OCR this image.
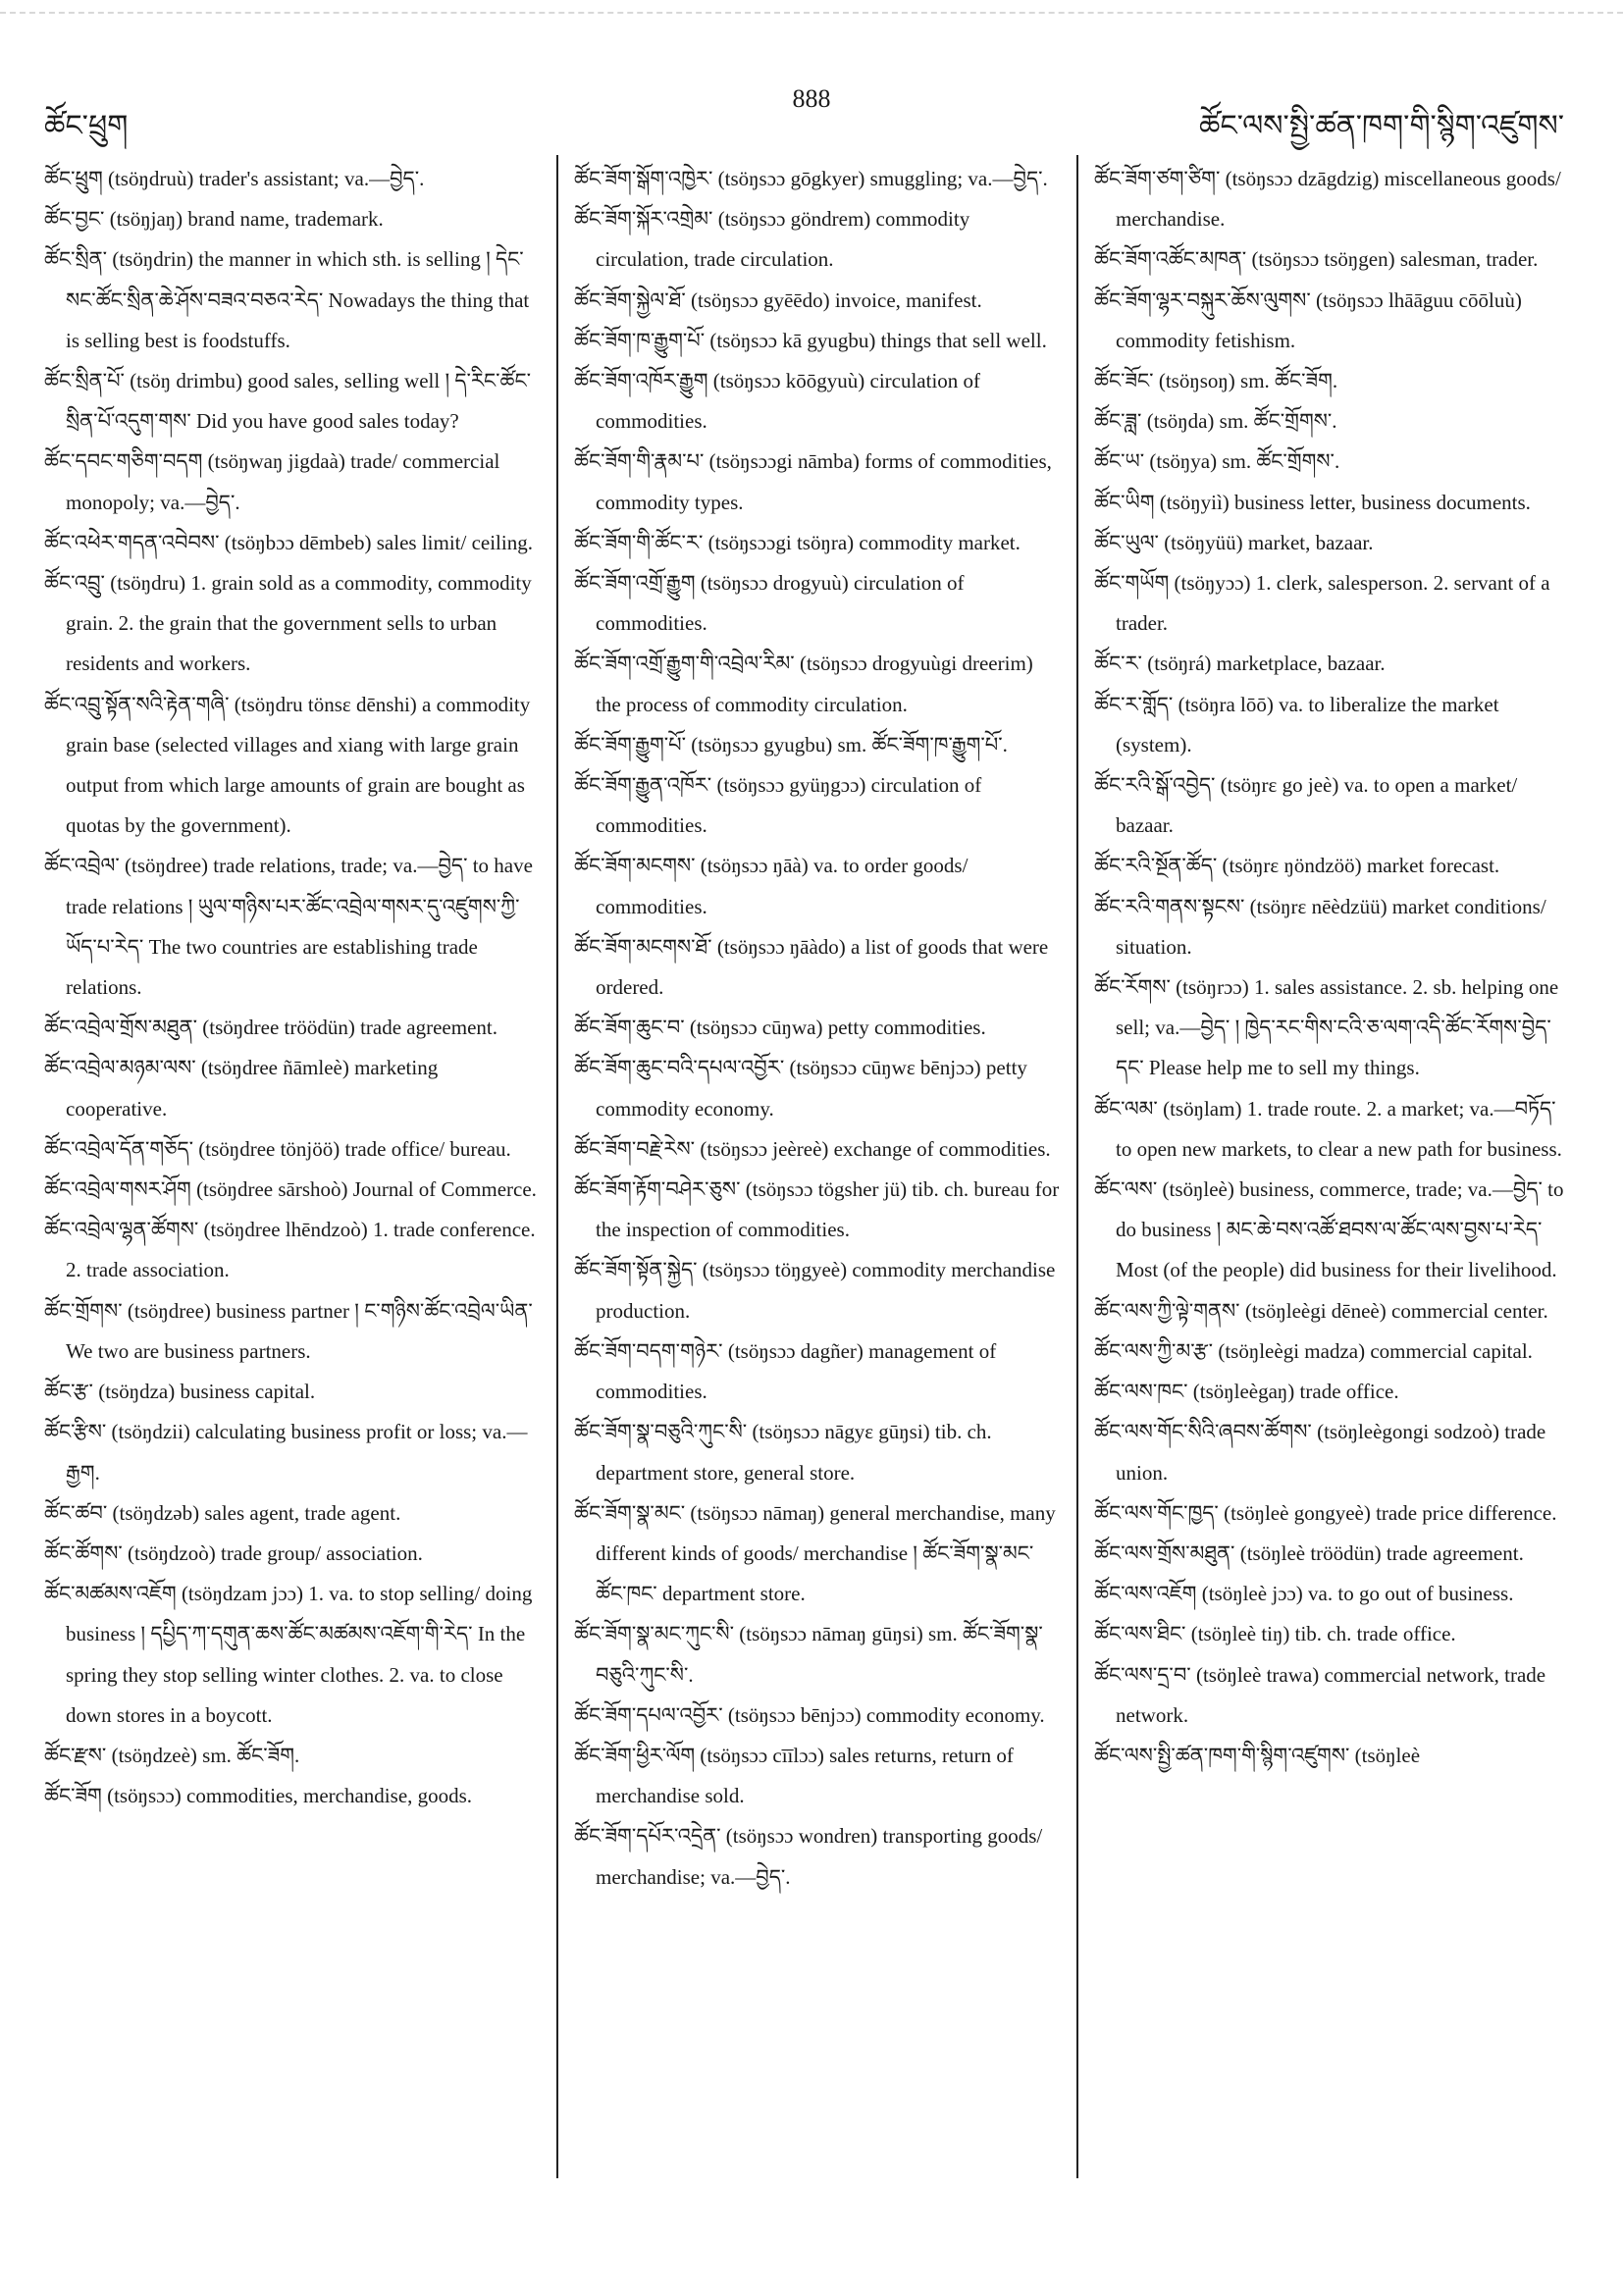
ཚོང་ཕྲུག
888
ཚོང་ལས་སྤྱི་ཚན་ཁག་གི་སྙིག་འཛུགས་

ཚོང་ཕྲུག (tsöŋdruù) trader's assistant; va.—བྱེད་.

ཚོང་བྱང་ (tsöŋjaŋ) brand name, trademark.

ཚོང་སྲིན་ (tsöŋdrin) the manner in which sth. is selling ། དེང་སང་ཚོང་སྲིན་ཆེ་ཤོས་བཟའ་བཅའ་རེད་ Nowadays the thing that is selling best is foodstuffs.

ཚོང་སྲིན་པོ་ (tsöŋ drimbu) good sales, selling well ། དེ་རིང་ཚོང་སྲིན་པོ་འདུག་གས་ Did you have good sales today?

ཚོང་དབང་གཅིག་བདག (tsöŋwaŋ jigdaà) trade/ commercial monopoly; va.—བྱེད་.

ཚོང་འཕེར་གདན་འབེབས་ (tsöŋbɔɔ dēmbeb) sales limit/ ceiling.

ཚོང་འབྲུ་ (tsöŋdru) 1. grain sold as a commodity, commodity grain. 2. the grain that the government sells to urban residents and workers.

ཚོང་འབྲུ་སྟོན་སའི་རྟེན་གཞི་ (tsöŋdru tönsɛ dēnshi) a commodity grain base (selected villages and xiang with large grain output from which large amounts of grain are bought as quotas by the government).

ཚོང་འབྲེལ་ (tsöŋdree) trade relations, trade; va.—བྱེད་ to have trade relations ། ཡུལ་གཉིས་པར་ཚོང་འབྲེལ་གསར་དུ་འཛུགས་ཀྱི་ཡོད་པ་རེད་ The two countries are establishing trade relations.

ཚོང་འབྲེལ་གྲོས་མཐུན་ (tsöŋdree tröödün) trade agreement.

ཚོང་འབྲེལ་མཉམ་ལས་ (tsöŋdree ñāmleè) marketing cooperative.

ཚོང་འབྲེལ་དོན་གཅོད་ (tsöŋdree tönjöö) trade office/ bureau.

ཚོང་འབྲེལ་གསར་ཤོག (tsöŋdree sārshoò) Journal of Commerce.

ཚོང་འབྲེལ་ལྷན་ཚོགས་ (tsöŋdree lhēndzoò) 1. trade conference. 2. trade association.

ཚོང་གྲོགས་ (tsöŋdree) business partner ། ང་གཉིས་ཚོང་འབྲེལ་ཡིན་ We two are business partners.

ཚོང་རྩ་ (tsöŋdza) business capital.

ཚོང་རྩིས་ (tsöŋdzii) calculating business profit or loss; va.—རྒྱག.

ཚོང་ཚབ་ (tsöŋdzəb) sales agent, trade agent.

ཚོང་ཚོགས་ (tsöŋdzoò) trade group/ association.

ཚོང་མཚམས་འཇོག (tsöŋdzam jɔɔ) 1. va. to stop selling/ doing business ། དཔྱིད་ཀ་དགུན་ཆས་ཚོང་མཚམས་འཇོག་གི་རེད་ In the spring they stop selling winter clothes. 2. va. to close down stores in a boycott.

ཚོང་རྫས་ (tsöŋdzeè) sm. ཚོང་ཟོག.

ཚོང་ཟོག (tsöŋsɔɔ) commodities, merchandise, goods.

ཚོང་ཟོག་སྒོག་འཁྱེར་ (tsöŋsɔɔ gōgkyer) smuggling; va.—བྱེད་.

ཚོང་ཟོག་སྐོར་འགྲེམ་ (tsöŋsɔɔ göndrem) commodity circulation, trade circulation.

ཚོང་ཟོག་སྐྱེལ་ཐོ་ (tsöŋsɔɔ gyēēdo) invoice, manifest.

ཚོང་ཟོག་ཁ་རྒྱུག་པོ་ (tsöŋsɔɔ kā gyugbu) things that sell well.

ཚོང་ཟོག་འཁོར་རྒྱུག (tsöŋsɔɔ kōōgyuù) circulation of commodities.

ཚོང་ཟོག་གི་རྣམ་པ་ (tsöŋsɔɔgi nāmba) forms of commodities, commodity types.

ཚོང་ཟོག་གི་ཚོང་ར་ (tsöŋsɔɔgi tsöŋra) commodity market.

ཚོང་ཟོག་འགྲོ་རྒྱུག (tsöŋsɔɔ drogyuù) circulation of commodities.

ཚོང་ཟོག་འགྲོ་རྒྱུག་གི་འབྲེལ་རིམ་ (tsöŋsɔɔ drogyuùgi dreerim) the process of commodity circulation.

ཚོང་ཟོག་རྒྱུག་པོ་ (tsöŋsɔɔ gyugbu) sm. ཚོང་ཟོག་ཁ་རྒྱུག་པོ་.

ཚོང་ཟོག་རྒྱུན་འཁོར་ (tsöŋsɔɔ gyüŋgɔɔ) circulation of commodities.

ཚོང་ཟོག་མངགས་ (tsöŋsɔɔ ŋāà) va. to order goods/ commodities.

ཚོང་ཟོག་མངགས་ཐོ་ (tsöŋsɔɔ ŋāàdo) a list of goods that were ordered.

ཚོང་ཟོག་ཆུང་བ་ (tsöŋsɔɔ cūŋwa) petty commodities.

ཚོང་ཟོག་ཆུང་བའི་དཔལ་འབྱོར་ (tsöŋsɔɔ cūŋwɛ bēnjɔɔ) petty commodity economy.

ཚོང་ཟོག་བརྗེ་རེས་ (tsöŋsɔɔ jeèreè) exchange of commodities.

ཚོང་ཟོག་རྟོག་བཤེར་ཅུས་ (tsöŋsɔɔ tögsher jü) tib. ch. bureau for the inspection of commodities.

ཚོང་ཟོག་སྟོན་སྐྱེད་ (tsöŋsɔɔ töŋgyeè) commodity merchandise production.

ཚོང་ཟོག་བདག་གཉེར་ (tsöŋsɔɔ dagñer) management of commodities.

ཚོང་ཟོག་སྣ་བཅུའི་ཀུང་སི་ (tsöŋsɔɔ nāgyɛ gūŋsi) tib. ch. department store, general store.

ཚོང་ཟོག་སྣ་མང་ (tsöŋsɔɔ nāmaŋ) general merchandise, many different kinds of goods/ merchandise ། ཚོང་ཟོག་སྣ་མང་ཚོང་ཁང་ department store.

ཚོང་ཟོག་སྣ་མང་ཀུང་སི་ (tsöŋsɔɔ nāmaŋ gūŋsi) sm. ཚོང་ཟོག་སྣ་བཅུའི་ཀུང་སི་.

ཚོང་ཟོག་དཔལ་འབྱོར་ (tsöŋsɔɔ bēnjɔɔ) commodity economy.

ཚོང་ཟོག་ཕྱིར་ལོག (tsöŋsɔɔ cīīlɔɔ) sales returns, return of merchandise sold.

ཚོང་ཟོག་དཔོར་འདྲེན་ (tsöŋsɔɔ wondren) transporting goods/ merchandise; va.—བྱེད་.

ཚོང་ཟོག་ཙག་ཙིག་ (tsöŋsɔɔ dzāgdzig) miscellaneous goods/ merchandise.

ཚོང་ཟོག་འཚོང་མཁན་ (tsöŋsɔɔ tsöŋgen) salesman, trader.

ཚོང་ཟོག་ལྷར་བསྐུར་ཆོས་ལུགས་ (tsöŋsɔɔ lhāāguu cōōluù) commodity fetishism.

ཚོང་ཟོང་ (tsöŋsoŋ) sm. ཚོང་ཟོག.

ཚོང་ཟླ་ (tsöŋda) sm. ཚོང་གྲོགས་.

ཚོང་ཡ་ (tsöŋya) sm. ཚོང་གྲོགས་.

ཚོང་ཡིག (tsöŋyiì) business letter, business documents.

ཚོང་ཡུལ་ (tsöŋyüü) market, bazaar.

ཚོང་གཡོག (tsöŋyɔɔ) 1. clerk, salesperson. 2. servant of a trader.

ཚོང་ར་ (tsöŋrá) marketplace, bazaar.

ཚོང་ར་གློད་ (tsöŋra lōō) va. to liberalize the market (system).

ཚོང་རའི་སྒོ་འབྱེད་ (tsöŋrɛ go jeè) va. to open a market/ bazaar.

ཚོང་རའི་སྔོན་ཚོད་ (tsöŋrɛ ŋöndzöö) market forecast.

ཚོང་རའི་གནས་སྟངས་ (tsöŋrɛ nēèdzüü) market conditions/ situation.

ཚོང་རོགས་ (tsöŋrɔɔ) 1. sales assistance. 2. sb. helping one sell; va.—བྱེད་ ། ཁྱེད་རང་གིས་ངའི་ཅ་ལག་འདི་ཚོང་རོགས་བྱེད་དང་ Please help me to sell my things.

ཚོང་ལམ་ (tsöŋlam) 1. trade route. 2. a market; va.—བཏོད་ to open new markets, to clear a new path for business.

ཚོང་ལས་ (tsöŋleè) business, commerce, trade; va.—བྱེད་ to do business ། མང་ཆེ་བས་འཚོ་ཐབས་ལ་ཚོང་ལས་བྱས་པ་རེད་ Most (of the people) did business for their livelihood.

ཚོང་ལས་ཀྱི་ལྟེ་གནས་ (tsöŋleègi dēneè) commercial center.

ཚོང་ལས་ཀྱི་མ་རྩ་ (tsöŋleègi madza) commercial capital.

ཚོང་ལས་ཁང་ (tsöŋleègaŋ) trade office.

ཚོང་ལས་གོང་སིའི་ཞབས་ཚོགས་ (tsöŋleègongi sodzoò) trade union.

ཚོང་ལས་གོང་ཁྱད་ (tsöŋleè gongyeè) trade price difference.

ཚོང་ལས་གྲོས་མཐུན་ (tsöŋleè tröödün) trade agreement.

ཚོང་ལས་འཇོག (tsöŋleè jɔɔ) va. to go out of business.

ཚོང་ལས་ཐིང་ (tsöŋleè tiŋ) tib. ch. trade office.

ཚོང་ལས་དྲ་བ་ (tsöŋleè trawa) commercial network, trade network.

ཚོང་ལས་སྤྱི་ཚན་ཁག་གི་སྙིག་འཛུགས་ (tsöŋleè
